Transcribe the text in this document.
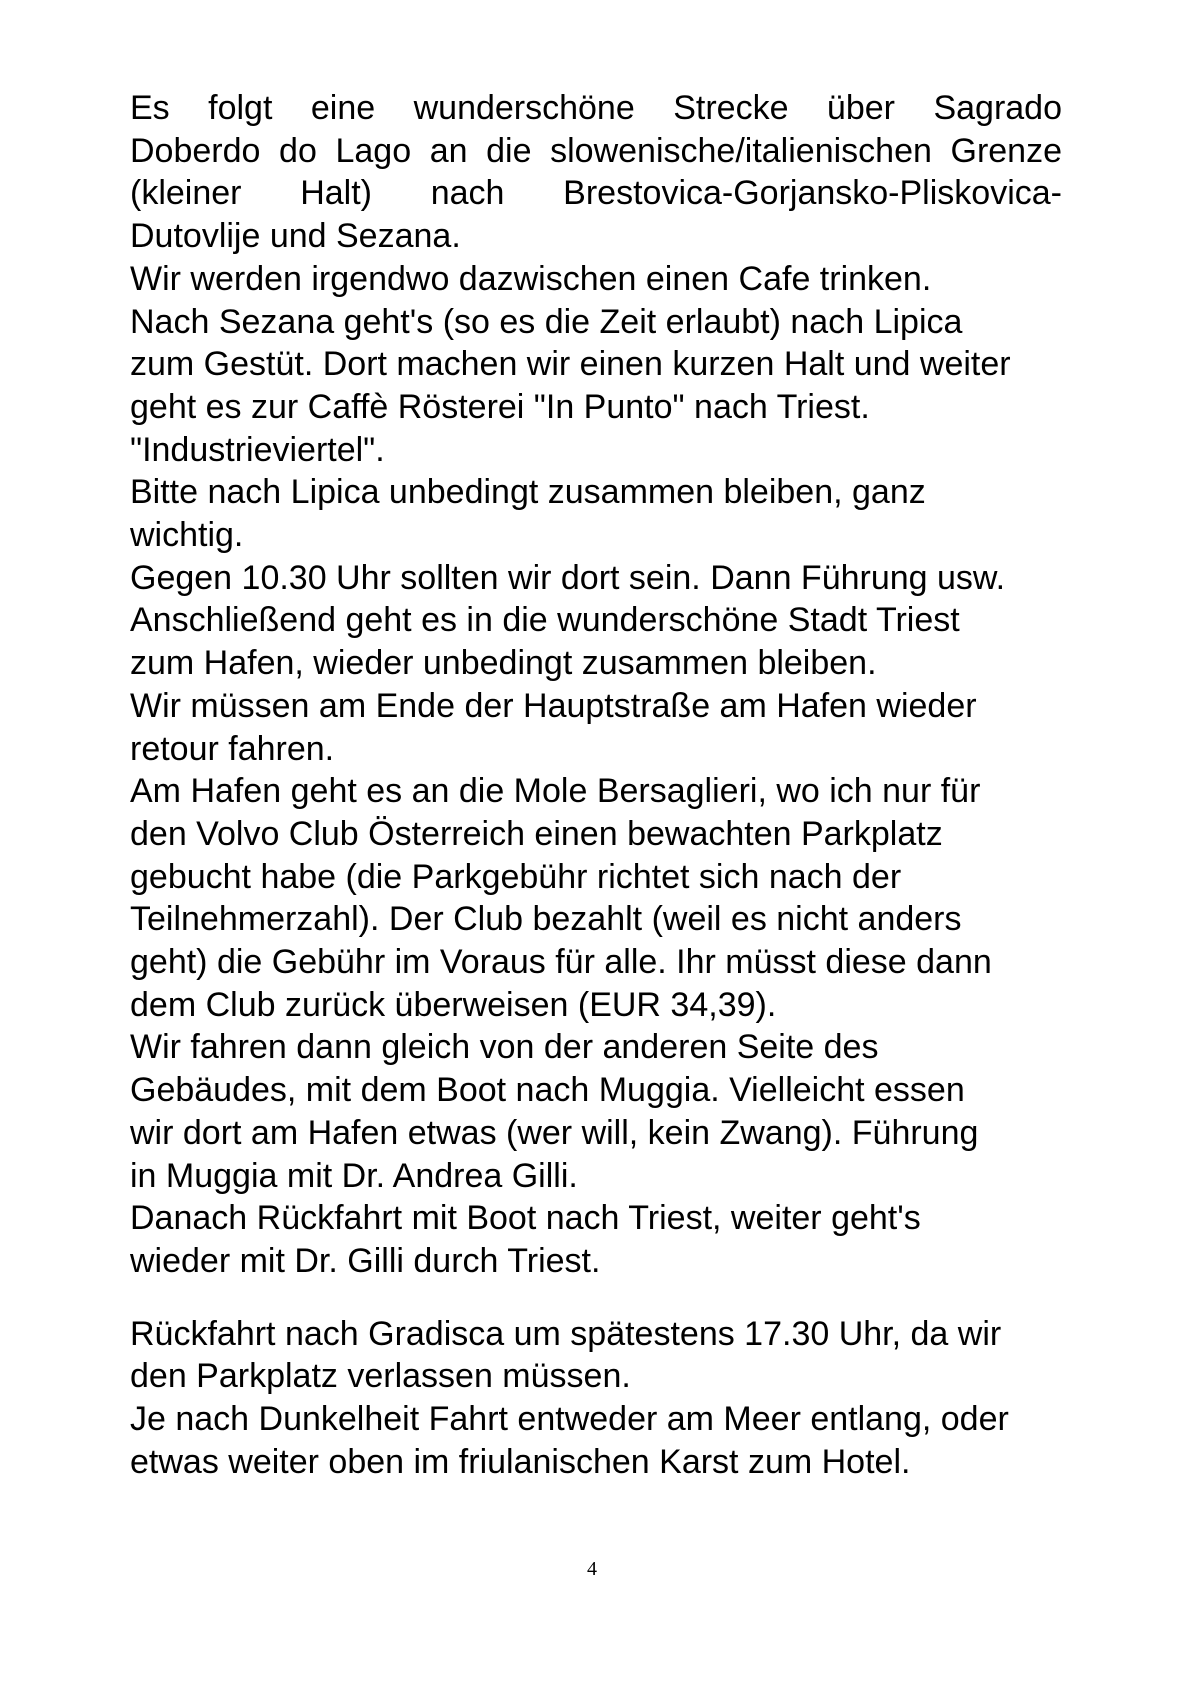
Es folgt eine wunderschöne Strecke über Sagrado
Doberdo do Lago an die slowenische/italienischen Grenze
(kleiner Halt) nach Brestovica-Gorjansko-Pliskovica-
Dutovlije und Sezana.
Wir werden irgendwo dazwischen einen Cafe trinken.
Nach Sezana geht's (so es die Zeit erlaubt) nach Lipica
zum Gestüt. Dort machen wir einen kurzen Halt und weiter
geht es zur Caffè Rösterei "In Punto" nach Triest.
"Industrieviertel".
Bitte nach Lipica unbedingt zusammen bleiben, ganz
wichtig.
Gegen 10.30 Uhr sollten wir dort sein. Dann Führung usw.
Anschließend geht es in die wunderschöne Stadt Triest
zum Hafen, wieder unbedingt zusammen bleiben.
Wir müssen am Ende der Hauptstraße am Hafen wieder
retour fahren.
Am Hafen geht es an die Mole Bersaglieri, wo ich nur für
den Volvo Club Österreich einen bewachten Parkplatz
gebucht habe (die Parkgebühr richtet sich nach der
Teilnehmerzahl). Der Club bezahlt (weil es nicht anders
geht) die Gebühr im Voraus für alle. Ihr müsst diese dann
dem Club zurück überweisen (EUR 34,39).
Wir fahren dann gleich von der anderen Seite des
Gebäudes, mit dem Boot nach Muggia. Vielleicht essen
wir dort am Hafen etwas (wer will, kein Zwang). Führung
in Muggia mit Dr. Andrea Gilli.
Danach Rückfahrt mit Boot nach Triest, weiter geht's
wieder mit Dr. Gilli durch Triest.
Rückfahrt nach Gradisca um spätestens 17.30 Uhr, da wir
den Parkplatz verlassen müssen.
Je nach Dunkelheit Fahrt entweder am Meer entlang, oder
etwas weiter oben im friulanischen Karst zum Hotel.
4
